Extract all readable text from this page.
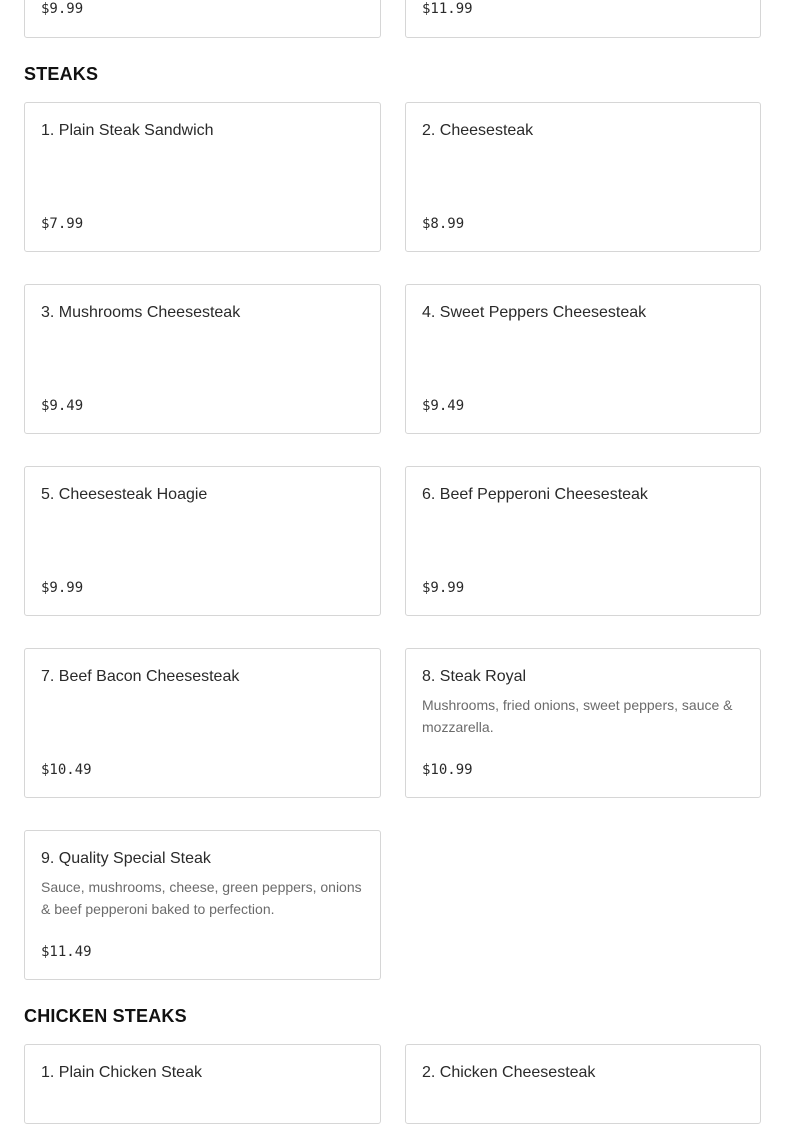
$9.99	$11.99
STEAKS
1. Plain Steak Sandwich
$7.99
2. Cheesesteak
$8.99
3. Mushrooms Cheesesteak
$9.49
4. Sweet Peppers Cheesesteak
$9.49
5. Cheesesteak Hoagie
$9.99
6. Beef Pepperoni Cheesesteak
$9.99
7. Beef Bacon Cheesesteak
$10.49
8. Steak Royal
Mushrooms, fried onions, sweet peppers, sauce & mozzarella.
$10.99
9. Quality Special Steak
Sauce, mushrooms, cheese, green peppers, onions & beef pepperoni baked to perfection.
$11.49
CHICKEN STEAKS
1. Plain Chicken Steak	2. Chicken Cheesesteak
